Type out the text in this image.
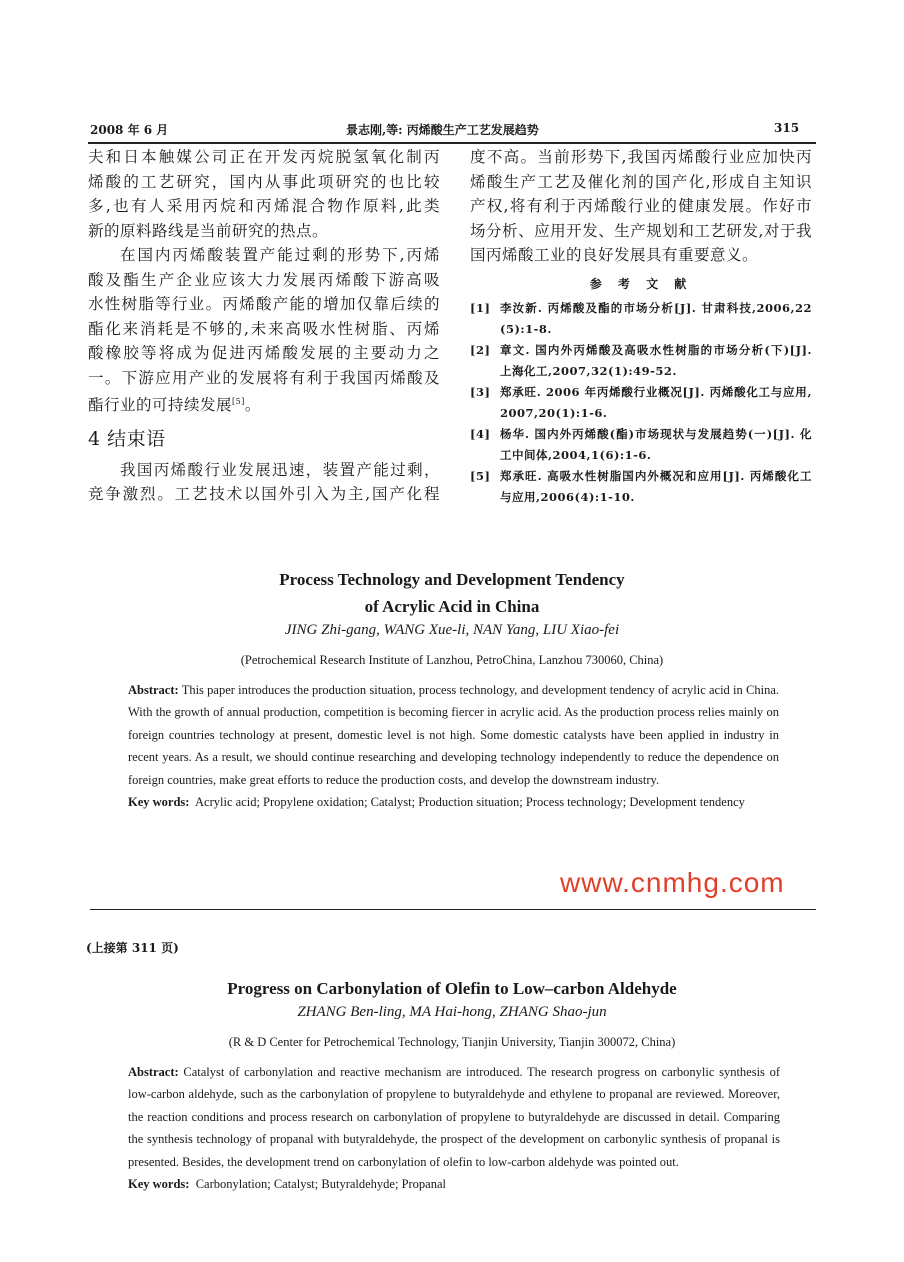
2008 年 6 月	景志刚,等: 丙烯酸生产工艺发展趋势	315
夫和日本触媒公司正在开发丙烷脱氢氧化制丙
烯酸的工艺研究，国内从事此项研究的也比较
多,也有人采用丙烷和丙烯混合物作原料,此类
新的原料路线是当前研究的热点。
在国内丙烯酸装置产能过剩的形势下,丙烯
酸及酯生产企业应该大力发展丙烯酸下游高吸
水性树脂等行业。丙烯酸产能的增加仅靠后续的
酯化来消耗是不够的,未来高吸水性树脂、丙烯
酸橡胶等将成为促进丙烯酸发展的主要动力之
一。下游应用产业的发展将有利于我国丙烯酸及
酯行业的可持续发展[5]。
4 结束语
我国丙烯酸行业发展迅速，装置产能过剩，
竞争激烈。工艺技术以国外引入为主,国产化程
度不高。当前形势下,我国丙烯酸行业应加快丙
烯酸生产工艺及催化剂的国产化,形成自主知识
产权,将有利于丙烯酸行业的健康发展。作好市
场分析、应用开发、生产规划和工艺研发,对于我
国丙烯酸工业的良好发展具有重要意义。
参 考 文 献
[1] 李汝新. 丙烯酸及酯的市场分析[J]. 甘肃科技,2006,22
(5):1-8.
[2] 章文. 国内外丙烯酸及高吸水性树脂的市场分析(下)[J].
上海化工,2007,32(1):49-52.
[3] 郑承旺. 2006 年丙烯酸行业概况[J]. 丙烯酸化工与应用,
2007,20(1):1-6.
[4] 杨华. 国内外丙烯酸(酯)市场现状与发展趋势(一)[J]. 化
工中间体,2004,1(6):1-6.
[5] 郑承旺. 高吸水性树脂国内外概况和应用[J]. 丙烯酸化工
与应用,2006(4):1-10.
Process Technology and Development Tendency
of Acrylic Acid in China
JING Zhi-gang, WANG Xue-li, NAN Yang, LIU Xiao-fei
(Petrochemical Research Institute of Lanzhou, PetroChina, Lanzhou 730060, China)
Abstract: This paper introduces the production situation, process technology, and development tendency of acrylic acid in China. With the growth of annual production, competition is becoming fiercer in acrylic acid. As the production process relies mainly on foreign countries technology at present, domestic level is not high. Some domestic catalysts have been applied in industry in recent years. As a result, we should continue researching and developing technology independently to reduce the dependence on foreign countries, make great efforts to reduce the production costs, and develop the downstream industry.
Key words: Acrylic acid; Propylene oxidation; Catalyst; Production situation; Process technology; Development tendency
www.cnmhg.com
(上接第 311 页)
Progress on Carbonylation of Olefin to Low–carbon Aldehyde
ZHANG Ben-ling, MA Hai-hong, ZHANG Shao-jun
(R & D Center for Petrochemical Technology, Tianjin University, Tianjin 300072, China)
Abstract: Catalyst of carbonylation and reactive mechanism are introduced. The research progress on carbonylic synthesis of low-carbon aldehyde, such as the carbonylation of propylene to butyraldehyde and ethylene to propanal are reviewed. Moreover, the reaction conditions and process research on carbonylation of propylene to butyraldehyde are discussed in detail. Comparing the synthesis technology of propanal with butyraldehyde, the prospect of the development on carbonylic synthesis of propanal is presented. Besides, the development trend on carbonylation of olefin to low-carbon aldehyde was pointed out.
Key words: Carbonylation; Catalyst; Butyraldehyde; Propanal
